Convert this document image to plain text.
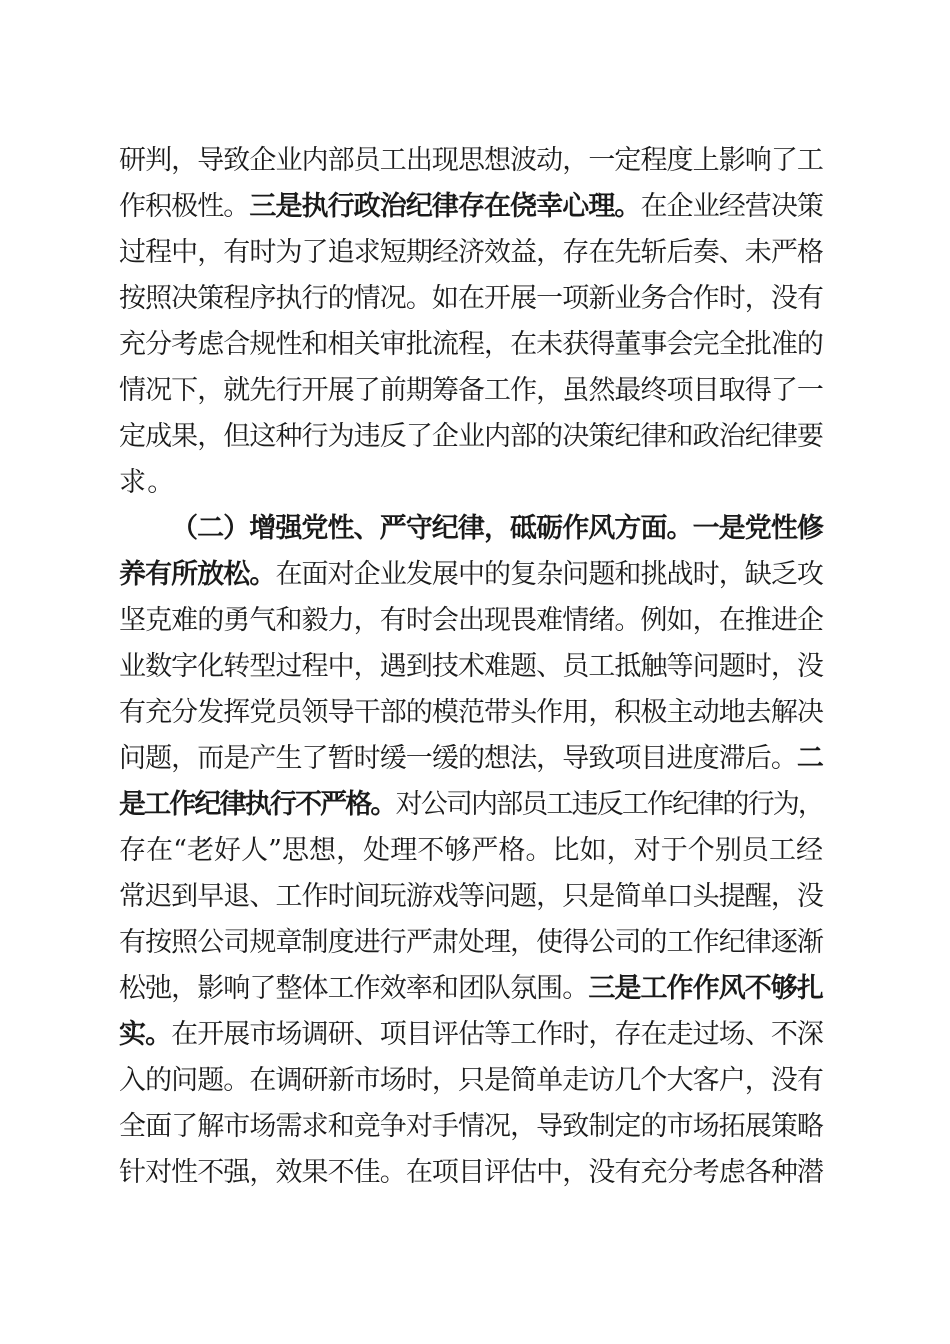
研判，导致企业内部员工出现思想波动，一定程度上影响了工
作积极性。三是执行政治纪律存在侥幸心理。在企业经营决策
过程中，有时为了追求短期经济效益，存在先斩后奏、未严格
按照决策程序执行的情况。如在开展一项新业务合作时，没有
充分考虑合规性和相关审批流程，在未获得董事会完全批准的
情况下，就先行开展了前期筹备工作，虽然最终项目取得了一
定成果，但这种行为违反了企业内部的决策纪律和政治纪律要
求。
（二）增强党性、严守纪律，砥砺作风方面。一是党性修
养有所放松。在面对企业发展中的复杂问题和挑战时，缺乏攻
坚克难的勇气和毅力，有时会出现畏难情绪。例如，在推进企
业数字化转型过程中，遇到技术难题、员工抵触等问题时，没
有充分发挥党员领导干部的模范带头作用，积极主动地去解决
问题，而是产生了暂时缓一缓的想法，导致项目进度滞后。二
是工作纪律执行不严格。对公司内部员工违反工作纪律的行为，
存在“老好人”思想，处理不够严格。比如，对于个别员工经
常迟到早退、工作时间玩游戏等问题，只是简单口头提醒，没
有按照公司规章制度进行严肃处理，使得公司的工作纪律逐渐
松弛，影响了整体工作效率和团队氛围。三是工作作风不够扎
实。在开展市场调研、项目评估等工作时，存在走过场、不深
入的问题。在调研新市场时，只是简单走访几个大客户，没有
全面了解市场需求和竞争对手情况，导致制定的市场拓展策略
针对性不强，效果不佳。在项目评估中，没有充分考虑各种潜
